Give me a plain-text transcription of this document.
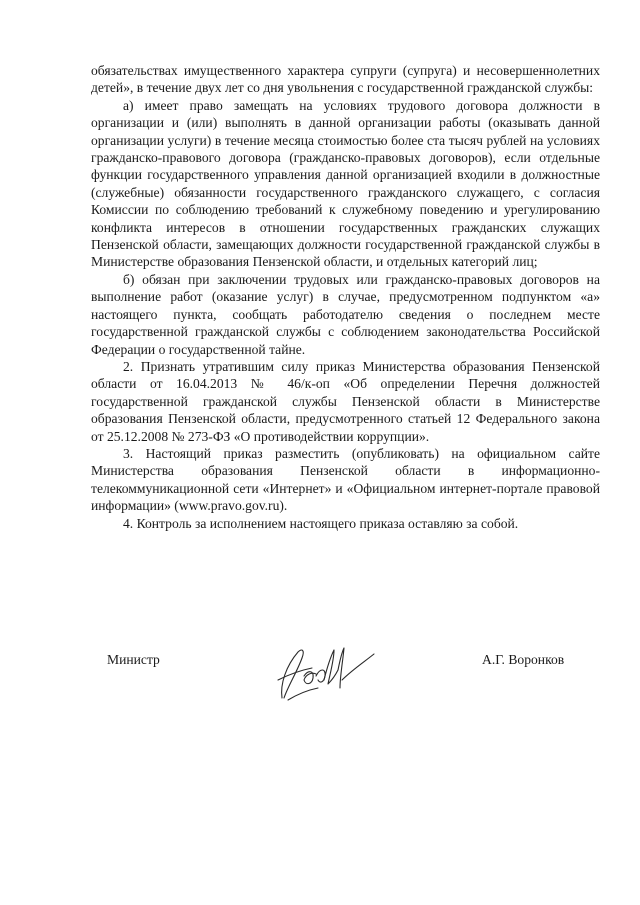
обязательствах имущественного характера супруги (супруга) и несовершеннолетних детей», в течение двух лет со дня увольнения с государственной гражданской службы:

а) имеет право замещать на условиях трудового договора должности в организации и (или) выполнять в данной организации работы (оказывать данной организации услуги) в течение месяца стоимостью более ста тысяч рублей на условиях гражданско-правового договора (гражданско-правовых договоров), если отдельные функции государственного управления данной организацией входили в должностные (служебные) обязанности государственного гражданского служащего, с согласия Комиссии по соблюдению требований к служебному поведению и урегулированию конфликта интересов в отношении государственных гражданских служащих Пензенской области, замещающих должности государственной гражданской службы в Министерстве образования Пензенской области, и отдельных категорий лиц;

б) обязан при заключении трудовых или гражданско-правовых договоров на выполнение работ (оказание услуг) в случае, предусмотренном подпунктом «а» настоящего пункта, сообщать работодателю сведения о последнем месте государственной гражданской службы с соблюдением законодательства Российской Федерации о государственной тайне.

2. Признать утратившим силу приказ Министерства образования Пензенской области от 16.04.2013 № 46/к-оп «Об определении Перечня должностей государственной гражданской службы Пензенской области в Министерстве образования Пензенской области, предусмотренного статьей 12 Федерального закона от 25.12.2008 № 273-ФЗ «О противодействии коррупции».

3. Настоящий приказ разместить (опубликовать) на официальном сайте Министерства образования Пензенской области в информационно-телекоммуникационной сети «Интернет» и «Официальном интернет-портале правовой информации» (www.pravo.gov.ru).

4. Контроль за исполнением настоящего приказа оставляю за собой.

Министр	А.Г. Воронков
